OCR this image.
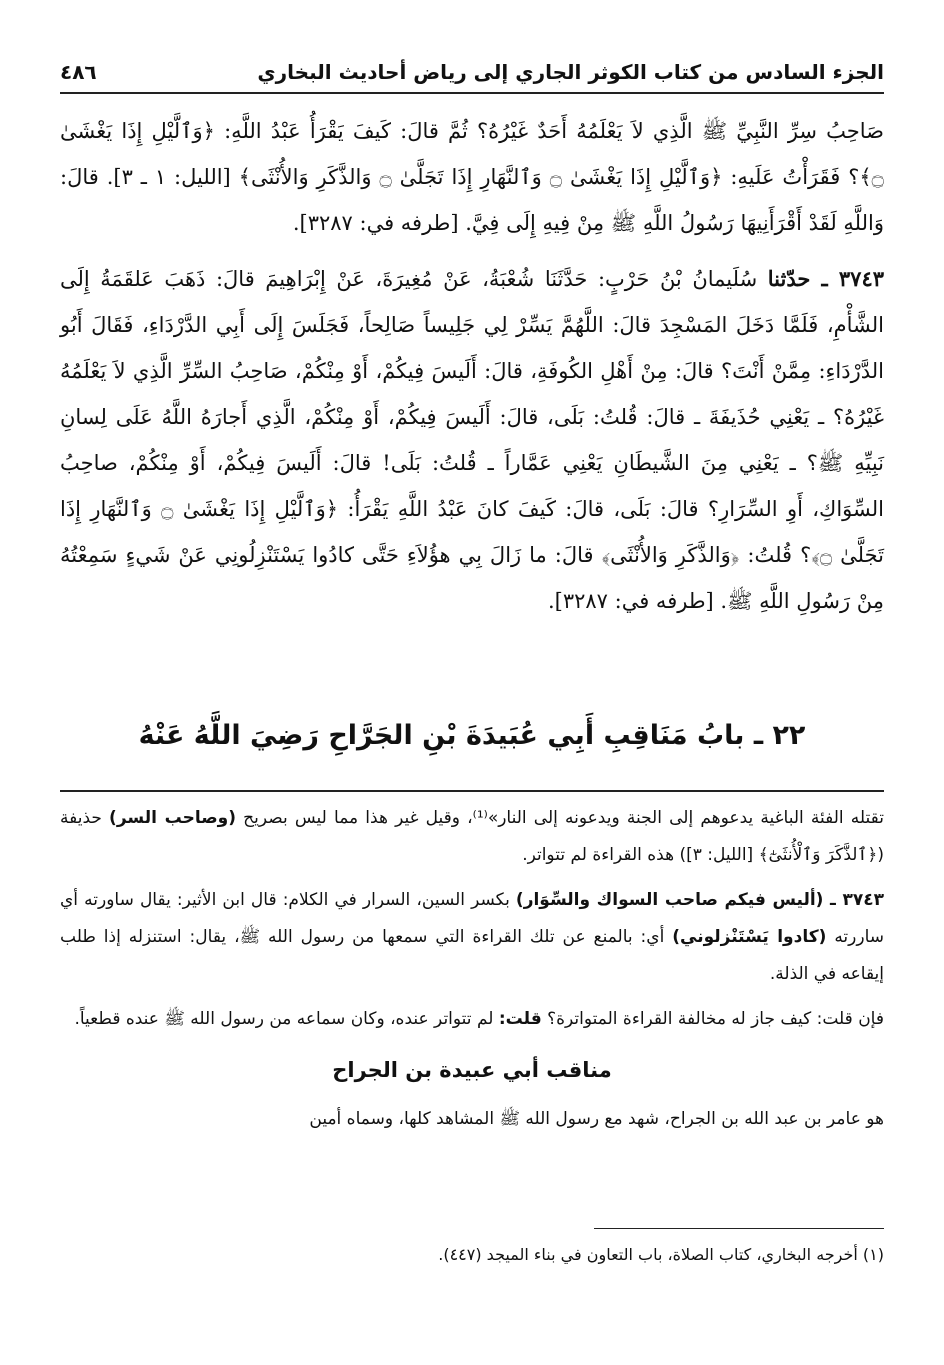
الجزء السادس من كتاب الكوثر الجاري إلى رياض أحاديث البخاري
٤٨٦

صَاحِبُ سِرِّ النَّبِيِّ ﷺ الَّذِي لاَ يَعْلَمُهُ أَحَدٌ غَيْرُهُ؟ ثُمَّ قالَ: كَيفَ يَقْرَأُ عَبْدُ اللَّهِ: ﴿وَٱلَّيْلِ إِذَا يَغْشَىٰ ۝﴾؟ فَقَرَأْتُ عَلَيهِ: ﴿وَٱلَّيْلِ إِذَا يَغْشَىٰ ۝ وَٱلنَّهَارِ إِذَا تَجَلَّىٰ ۝ وَالذَّكَرِ وَالأُنْثَى﴾ [الليل: ١ ـ ٣]. قالَ: وَاللَّهِ لَقَدْ أَقْرَأَنِيهَا رَسُولُ اللَّهِ ﷺ مِنْ فِيهِ إِلَى فِيَّ. [طرفه في: ٣٢٨٧].

٣٧٤٣ ـ حدّثنا سُلَيمانُ بْنُ حَرْبٍ: حَدَّثَنَا شُعْبَةُ، عَنْ مُغِيرَةَ، عَنْ إِبْرَاهِيمَ قالَ: ذَهَبَ عَلقَمَةُ إِلَى الشَّأْمِ، فَلَمَّا دَخَلَ المَسْجِدَ قالَ: اللَّهُمَّ يَسِّرْ لِي جَلِيساً صَالِحاً، فَجَلَسَ إِلَى أَبِي الدَّرْدَاءِ، فَقَالَ أَبُو الدَّرْدَاءِ: مِمَّنْ أَنْتَ؟ قالَ: مِنْ أَهْلِ الكُوفَةِ، قالَ: أَلَيسَ فِيكُمْ، أَوْ مِنْكُمْ، صَاحِبُ السِّرِّ الَّذِي لاَ يَعْلَمُهُ غَيْرُهُ؟ ـ يَعْنِي حُذَيفَةَ ـ قالَ: قُلتُ: بَلَى، قالَ: أَلَيسَ فِيكُمْ، أَوْ مِنْكُمْ، الَّذِي أَجارَهُ اللَّهُ عَلَى لِسانِ نَبِيِّهِ ﷺ؟ ـ يَعْنِي مِنَ الشَّيطَانِ يَعْنِي عَمَّاراً ـ قُلتُ: بَلَى! قالَ: أَلَيسَ فِيكُمْ، أَوْ مِنْكُمْ، صاحِبُ السِّوَاكِ، أَوِ السِّرَارِ؟ قالَ: بَلَى، قالَ: كَيفَ كانَ عَبْدُ اللَّهِ يَقْرَأُ: ﴿وَٱلَّيْلِ إِذَا يَغْشَىٰ ۝ وَٱلنَّهَارِ إِذَا تَجَلَّىٰ ۝﴾؟ قُلتُ: ﴿وَالذَّكَرِ وَالأُنْثَى﴾ قالَ: ما زَالَ بِي هؤُلاَءِ حَتَّى كادُوا يَسْتَنْزِلُونِي عَنْ شَيءٍ سَمِعْتُهُ مِنْ رَسُولِ اللَّهِ ﷺ. [طرفه في: ٣٢٨٧].

٢٢ ـ بابُ مَنَاقِبِ أَبِي عُبَيدَةَ بْنِ الجَرَّاحِ رَضِيَ اللَّهُ عَنْهُ

تقتله الفئة الباغية يدعوهم إلى الجنة ويدعونه إلى النار»⁽¹⁾، وقيل غير هذا مما ليس بصريح (وصاحب السر) حذيفة (﴿ٱلذَّكَرَ وَٱلْأُنثَىٰٓ﴾ [الليل: ٣]) هذه القراءة لم تتواتر.

٣٧٤٣ ـ (أليس فيكم صاحب السواك والسِّوَار) بكسر السين، السرار في الكلام: قال ابن الأثير: يقال ساورته أي ساررته (كادوا يَسْتَنْزلوني) أي: بالمنع عن تلك القراءة التي سمعها من رسول الله ﷺ، يقال: استنزله إذا طلب إيقاعه في الذلة.

فإن قلت: كيف جاز له مخالفة القراءة المتواترة؟ قلت: لم تتواتر عنده، وكان سماعه من رسول الله ﷺ عنده قطعياً.

مناقب أبي عبيدة بن الجراح

هو عامر بن عبد الله بن الجراح، شهد مع رسول الله ﷺ المشاهد كلها، وسماه أمين

(١) أخرجه البخاري، كتاب الصلاة، باب التعاون في بناء الميجد (٤٤٧).
